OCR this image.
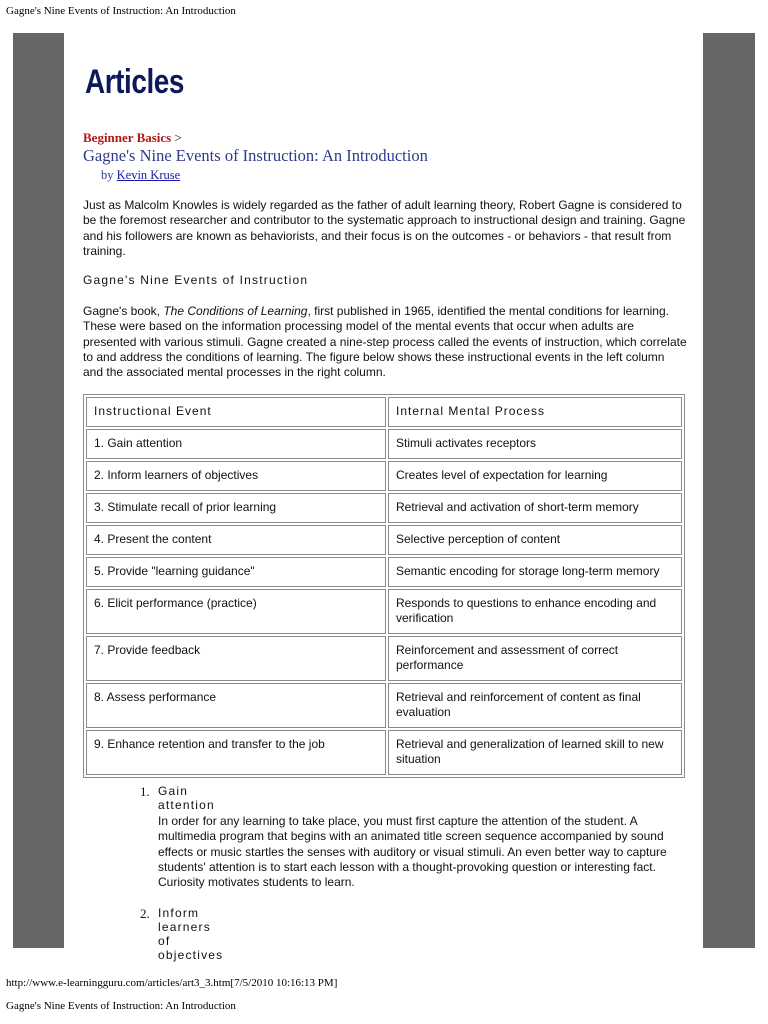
Gagne's Nine Events of Instruction: An Introduction
Articles
Beginner Basics >
Gagne's Nine Events of Instruction: An Introduction
by Kevin Kruse
Just as Malcolm Knowles is widely regarded as the father of adult learning theory, Robert Gagne is considered to be the foremost researcher and contributor to the systematic approach to instructional design and training. Gagne and his followers are known as behaviorists, and their focus is on the outcomes - or behaviors - that result from training.
Gagne's Nine Events of Instruction
Gagne's book, The Conditions of Learning, first published in 1965, identified the mental conditions for learning. These were based on the information processing model of the mental events that occur when adults are presented with various stimuli. Gagne created a nine-step process called the events of instruction, which correlate to and address the conditions of learning. The figure below shows these instructional events in the left column and the associated mental processes in the right column.
Instructional Event	Internal Mental Process
1. Gain attention	Stimuli activates receptors
2. Inform learners of objectives	Creates level of expectation for learning
3. Stimulate recall of prior learning	Retrieval and activation of short-term memory
4. Present the content	Selective perception of content
5. Provide "learning guidance"	Semantic encoding for storage long-term memory
6. Elicit performance (practice)	Responds to questions to enhance encoding and verification
7. Provide feedback	Reinforcement and assessment of correct performance
8. Assess performance	Retrieval and reinforcement of content as final evaluation
9. Enhance retention and transfer to the job	Retrieval and generalization of learned skill to new situation
1. Gain attention
In order for any learning to take place, you must first capture the attention of the student. A multimedia program that begins with an animated title screen sequence accompanied by sound effects or music startles the senses with auditory or visual stimuli. An even better way to capture students' attention is to start each lesson with a thought-provoking question or interesting fact. Curiosity motivates students to learn.
2. Inform learners of objectives
http://www.e-learningguru.com/articles/art3_3.htm[7/5/2010 10:16:13 PM]
Gagne's Nine Events of Instruction: An Introduction
